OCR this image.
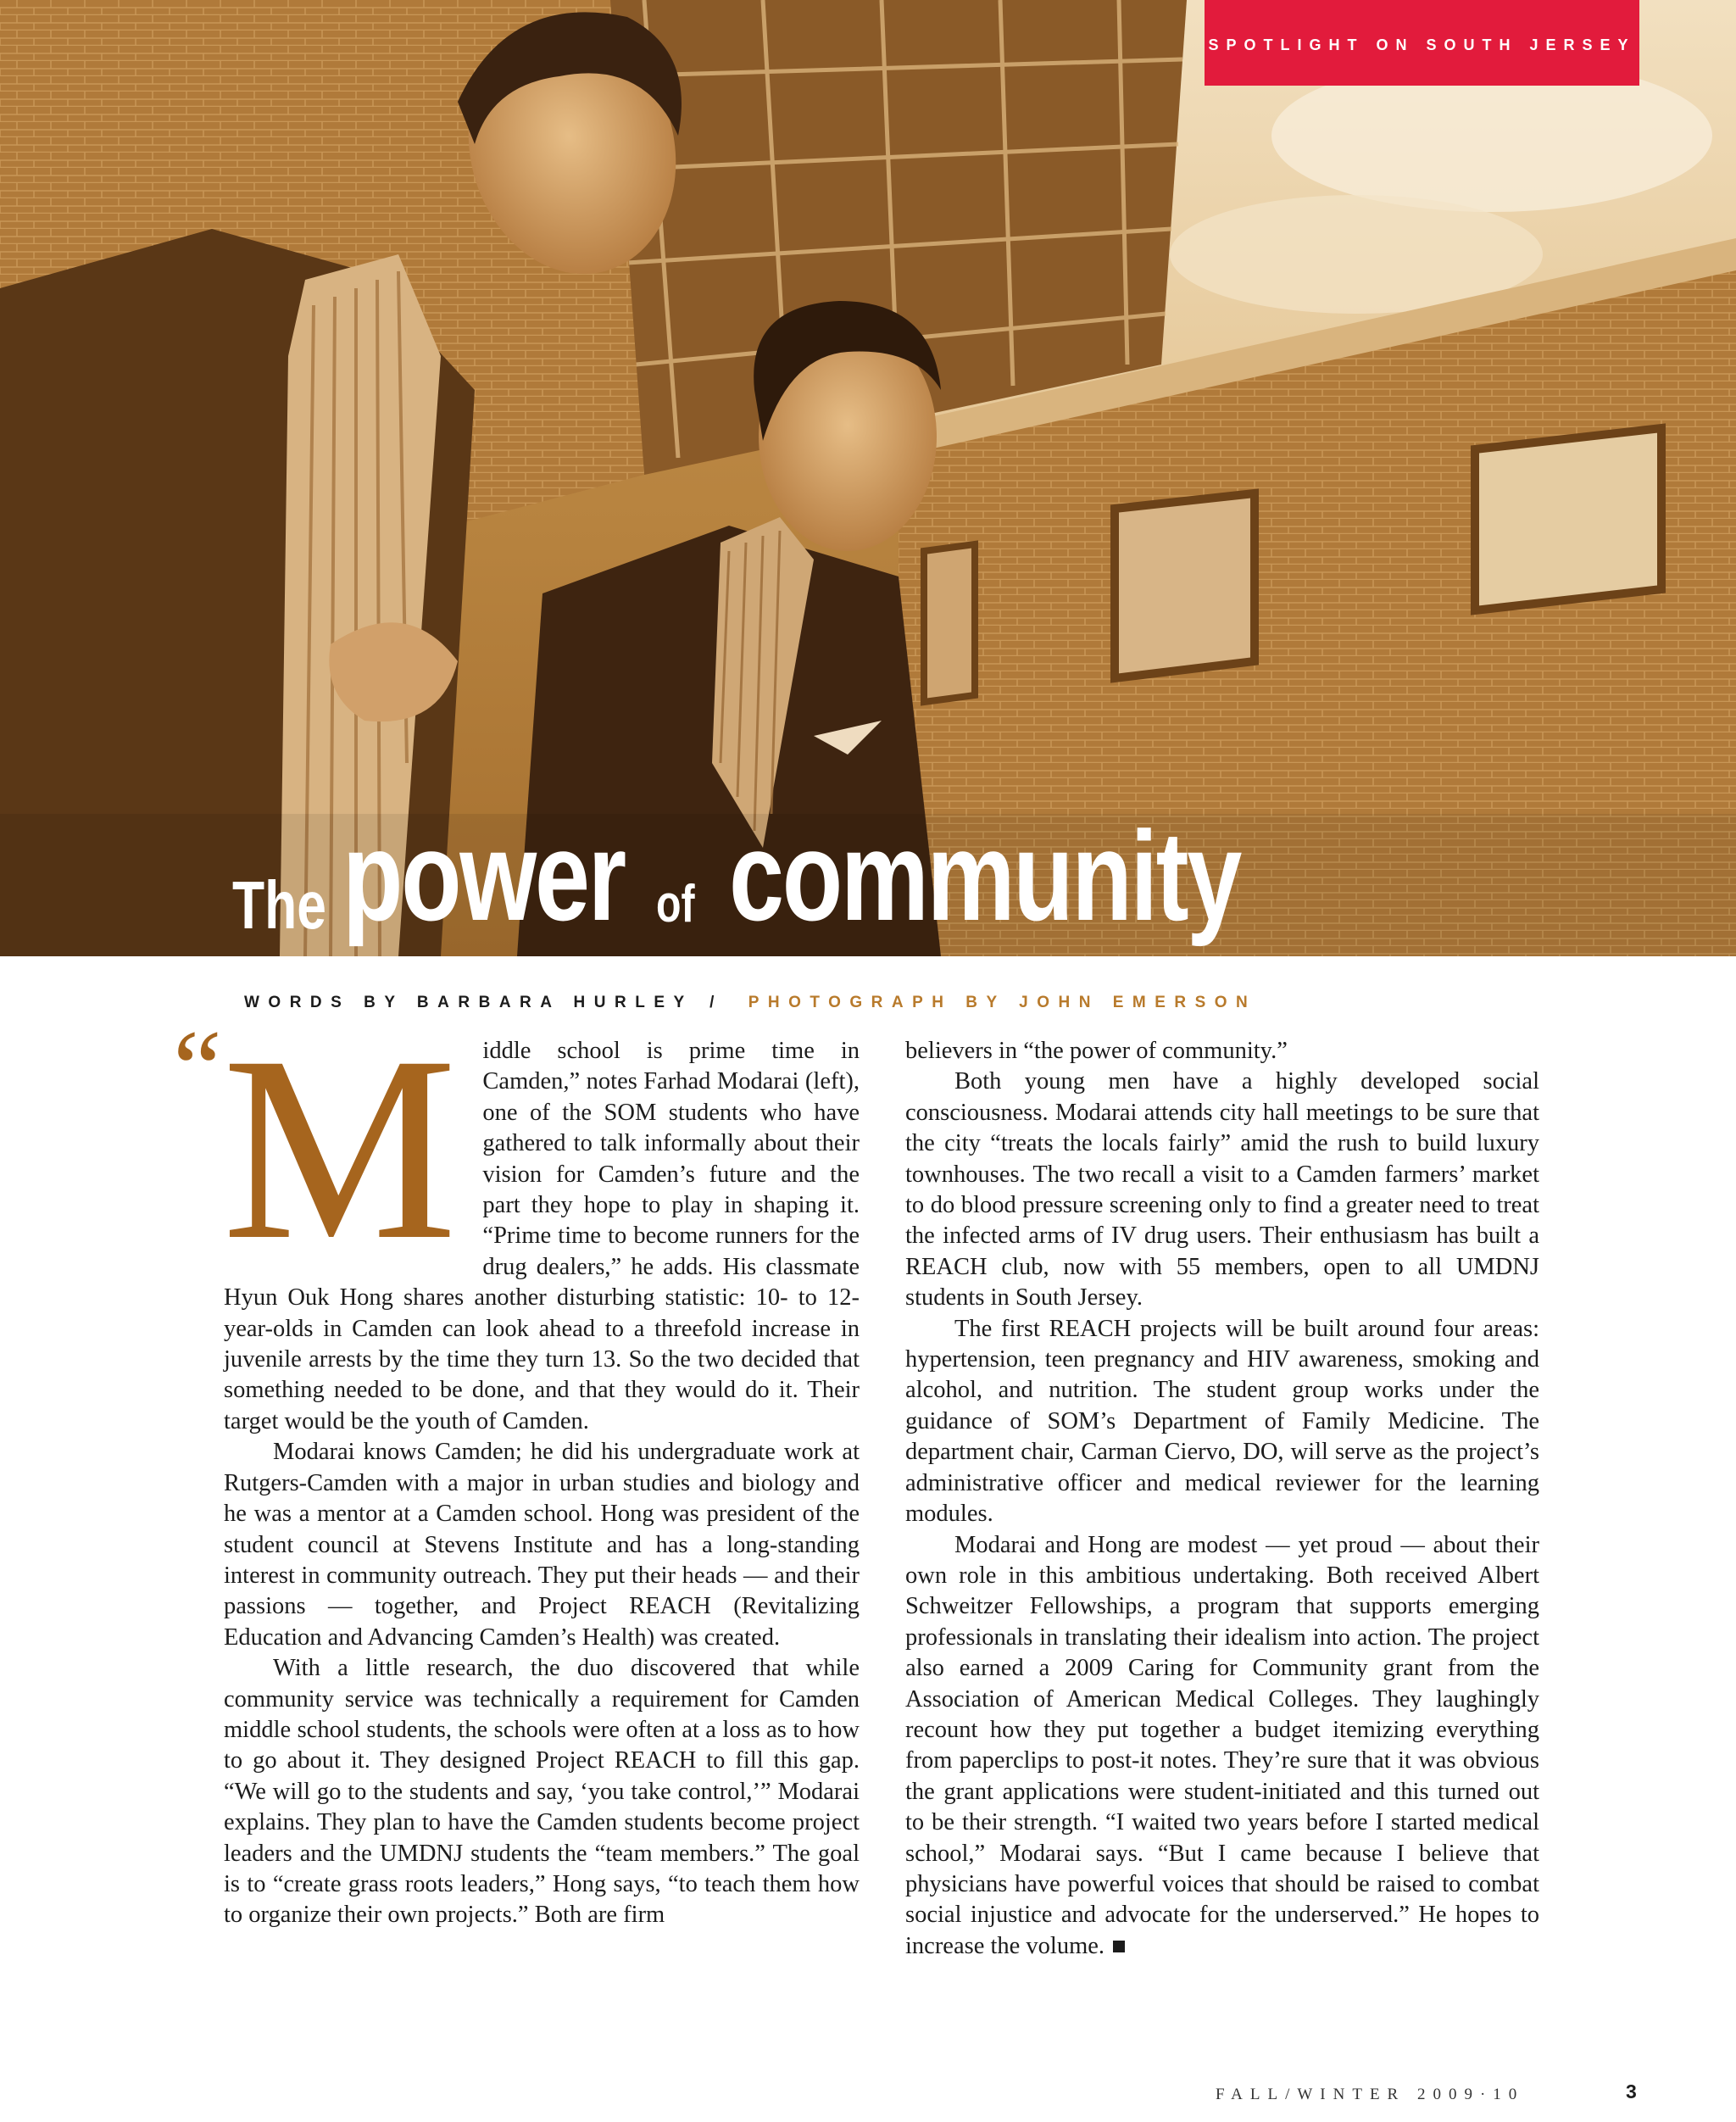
SPOTLIGHT ON SOUTH JERSEY
The power of community
WORDS BY BARBARA HURLEY / PHOTOGRAPH BY JOHN EMERSON
“ M iddle school is prime time in Camden,” notes Farhad Modarai (left), one of the SOM students who have gathered to talk informally about their vision for Camden’s future and the part they hope to play in shaping it. “Prime time to become runners for the drug dealers,” he adds. His classmate Hyun Ouk Hong shares another disturbing statistic: 10- to 12-year-olds in Camden can look ahead to a threefold increase in juvenile arrests by the time they turn 13. So the two decided that something needed to be done, and that they would do it. Their target would be the youth of Camden.

Modarai knows Camden; he did his undergraduate work at Rutgers-Camden with a major in urban studies and biology and he was a mentor at a Camden school. Hong was president of the student council at Stevens Institute and has a long-standing interest in community outreach. They put their heads — and their passions — together, and Project REACH (Revitalizing Education and Advancing Camden’s Health) was created.

With a little research, the duo discovered that while community service was technically a requirement for Camden middle school students, the schools were often at a loss as to how to go about it. They designed Project REACH to fill this gap. “We will go to the students and say, ‘you take control,’” Modarai explains. They plan to have the Camden students become project leaders and the UMDNJ students the “team members.” The goal is to “create grass roots leaders,” Hong says, “to teach them how to organize their own projects.” Both are firm

believers in “the power of community.”

Both young men have a highly developed social consciousness. Modarai attends city hall meetings to be sure that the city “treats the locals fairly” amid the rush to build luxury townhouses. The two recall a visit to a Camden farmers’ market to do blood pressure screening only to find a greater need to treat the infected arms of IV drug users. Their enthusiasm has built a REACH club, now with 55 members, open to all UMDNJ students in South Jersey.

The first REACH projects will be built around four areas: hypertension, teen pregnancy and HIV awareness, smoking and alcohol, and nutrition. The student group works under the guidance of SOM’s Department of Family Medicine. The department chair, Carman Ciervo, DO, will serve as the project’s administrative officer and medical reviewer for the learning modules.

Modarai and Hong are modest — yet proud — about their own role in this ambitious undertaking. Both received Albert Schweitzer Fellowships, a program that supports emerging professionals in translating their idealism into action. The project also earned a 2009 Caring for Community grant from the Association of American Medical Colleges. They laughingly recount how they put together a budget itemizing everything from paperclips to post-it notes. They’re sure that it was obvious the grant applications were student-initiated and this turned out to be their strength. “I waited two years before I started medical school,” Modarai says. “But I came because I believe that physicians have powerful voices that should be raised to combat social injustice and advocate for the underserved.” He hopes to increase the volume.

FALL/WINTER 2009·10	3
